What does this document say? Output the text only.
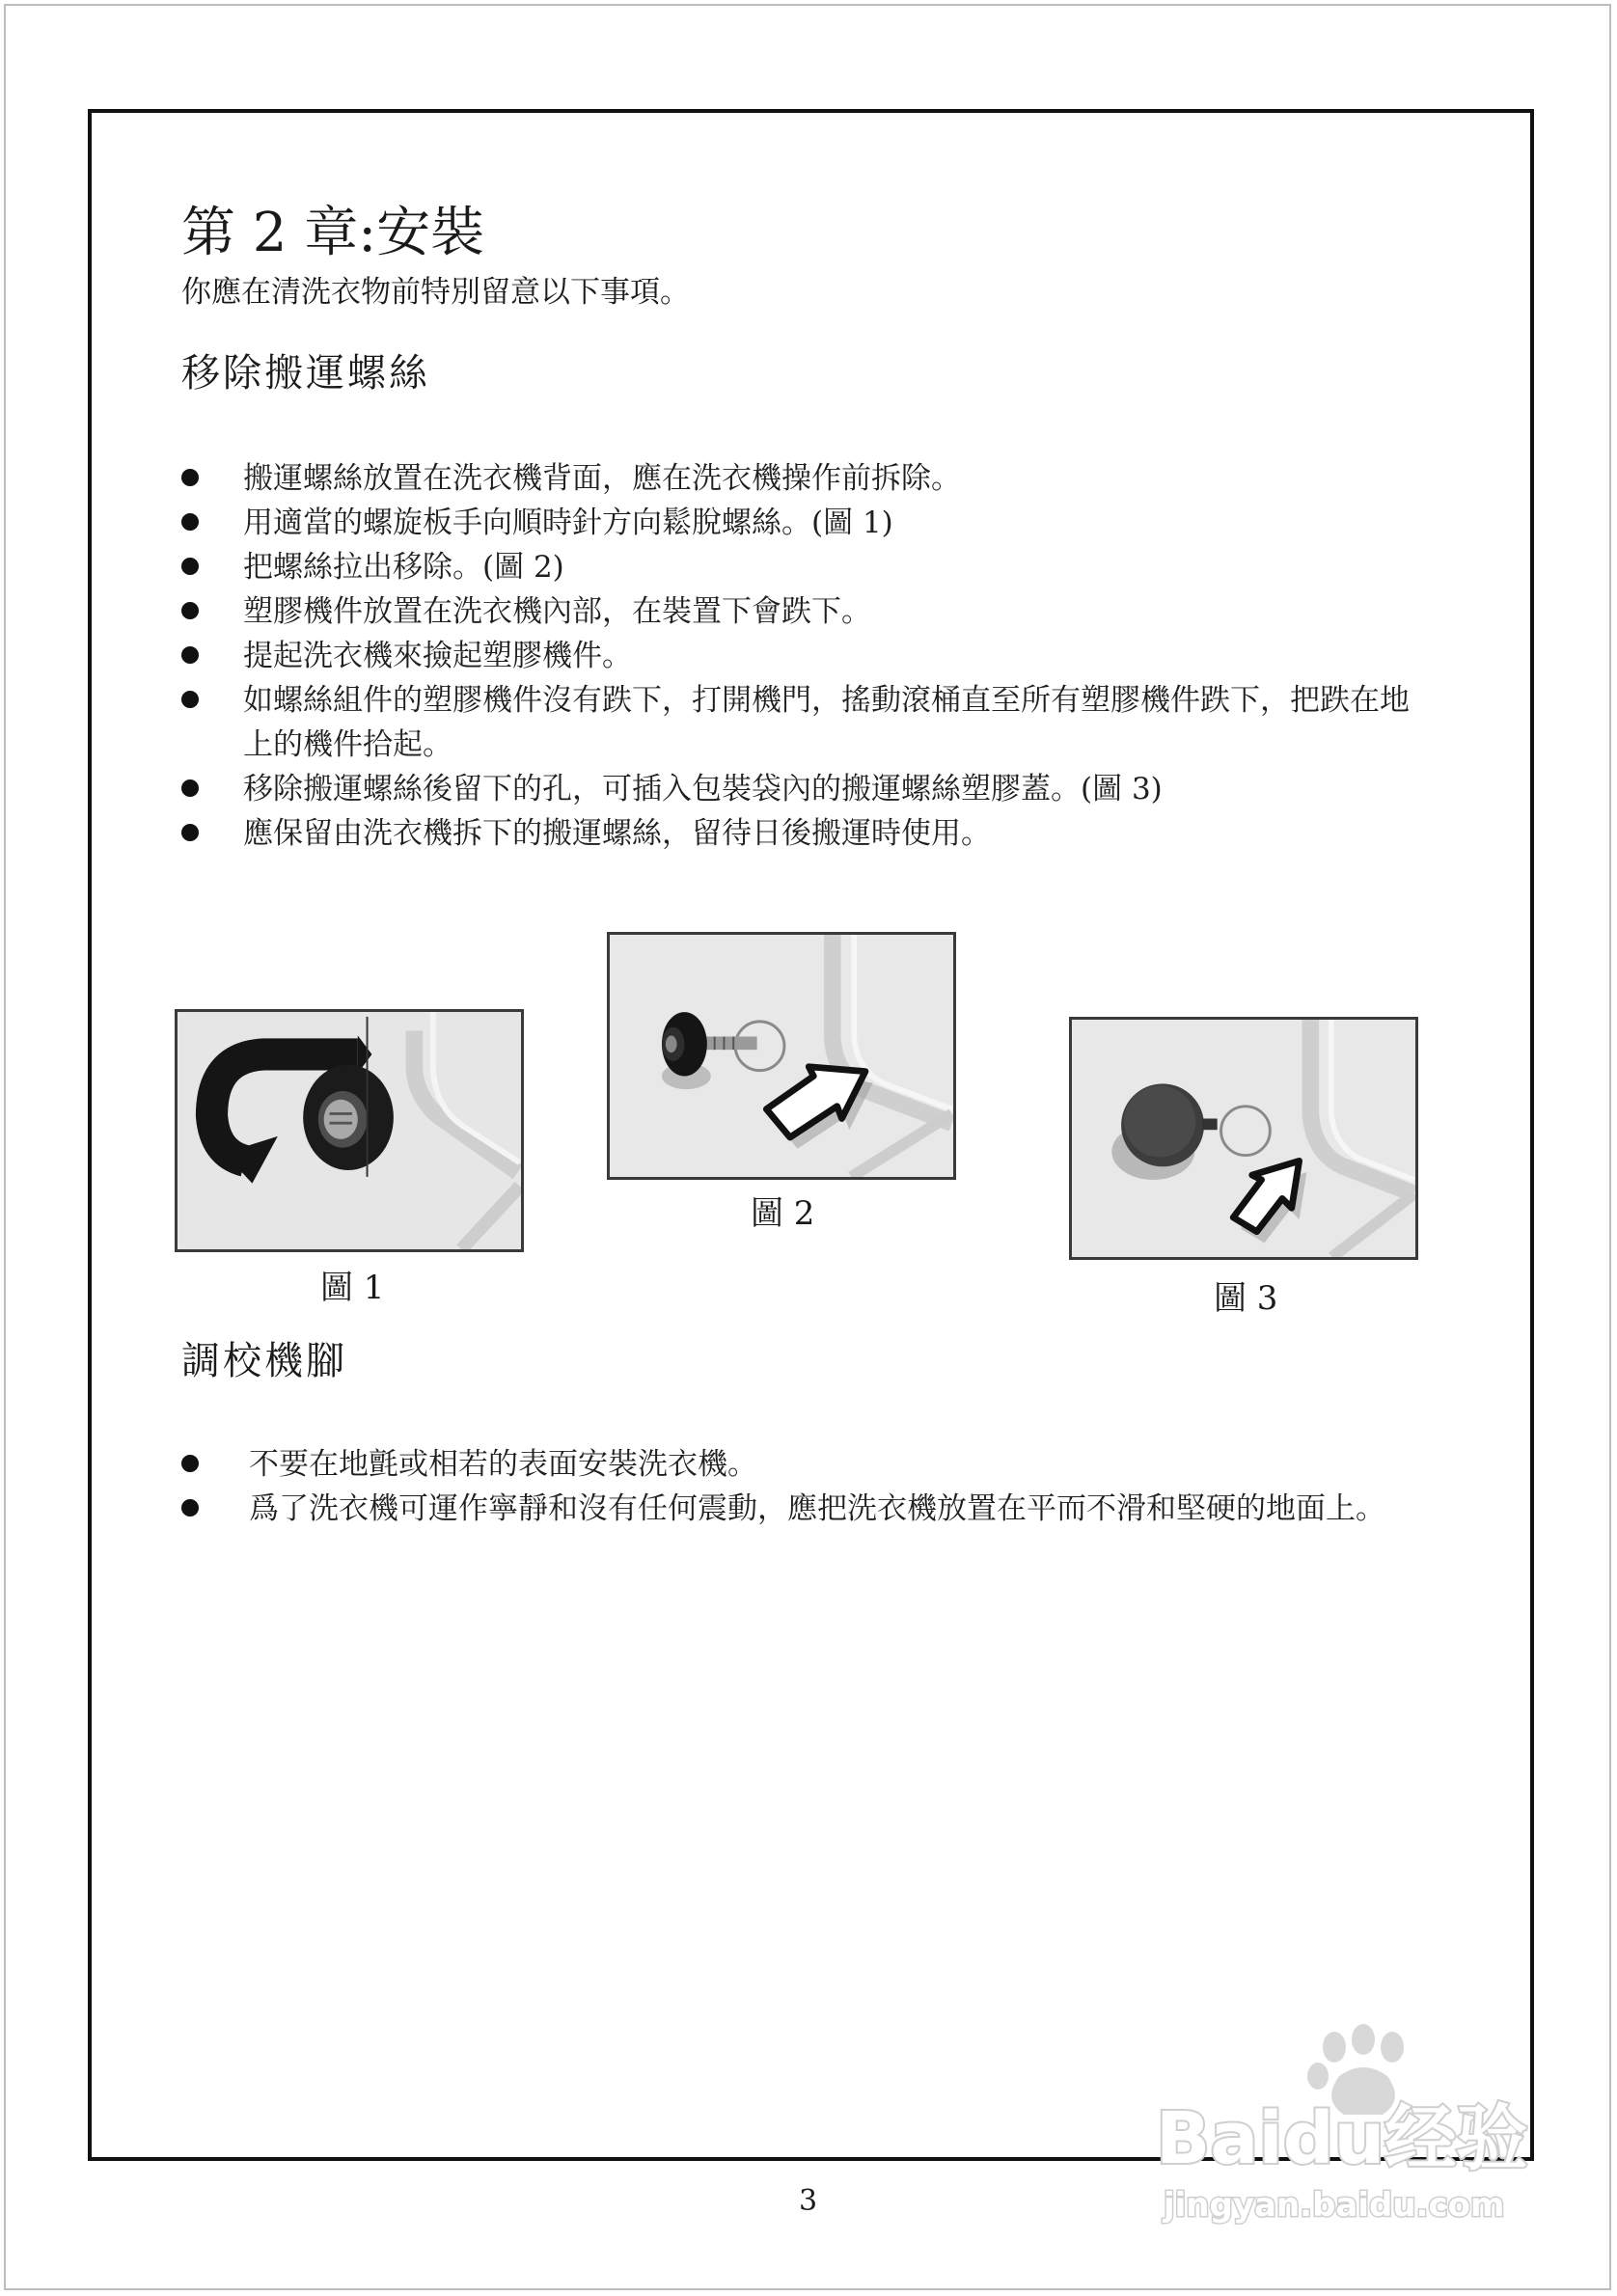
第 2 章:安裝
你應在清洗衣物前特別留意以下事項。
移除搬運螺絲
搬運螺絲放置在洗衣機背面，應在洗衣機操作前拆除。
用適當的螺旋板手向順時針方向鬆脫螺絲。(圖 1)
把螺絲拉出移除。(圖 2)
塑膠機件放置在洗衣機內部，在裝置下會跌下。
提起洗衣機來撿起塑膠機件。
如螺絲組件的塑膠機件沒有跌下，打開機門，搖動滾桶直至所有塑膠機件跌下，把跌在地上的機件拾起。
移除搬運螺絲後留下的孔，可插入包裝袋內的搬運螺絲塑膠蓋。(圖 3)
應保留由洗衣機拆下的搬運螺絲，留待日後搬運時使用。
圖 1
圖 2
圖 3
調校機腳
不要在地氈或相若的表面安裝洗衣機。
爲了洗衣機可運作寧靜和沒有任何震動，應把洗衣機放置在平而不滑和堅硬的地面上。
3
Baidu经验
jingyan.baidu.com
